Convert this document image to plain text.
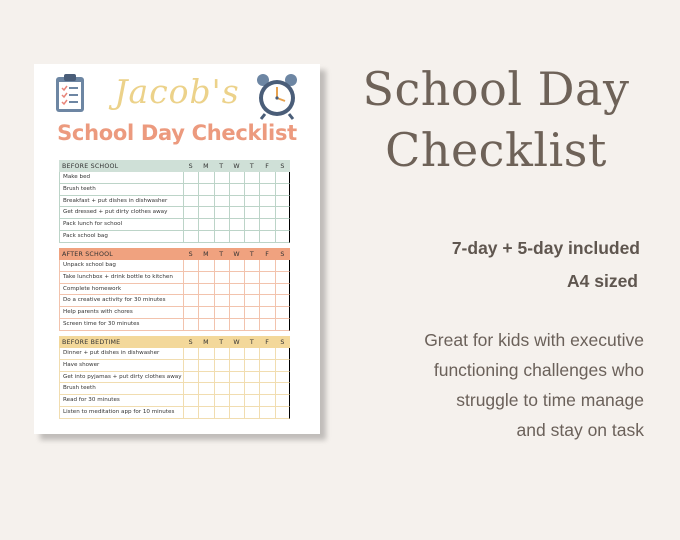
Jacob's
School Day Checklist
BEFORE SCHOOL	S	M	T	W	T	F	S
Make bed
Brush teeth
Breakfast + put dishes in dishwasher
Get dressed + put dirty clothes away
Pack lunch for school
Pack school bag
AFTER SCHOOL	S	M	T	W	T	F	S
Unpack school bag
Take lunchbox + drink bottle to kitchen
Complete homework
Do a creative activity for 30 minutes
Help parents with chores
Screen time for 30 minutes
BEFORE BEDTIME	S	M	T	W	T	F	S
Dinner + put dishes in dishwasher
Have shower
Get into pyjamas + put dirty clothes away
Brush teeth
Read for 30 minutes
Listen to meditation app for 10 minutes
School Day
Checklist
7-day + 5-day included
A4 sized
Great for kids with executive
functioning challenges who
struggle to time manage
and stay on task
